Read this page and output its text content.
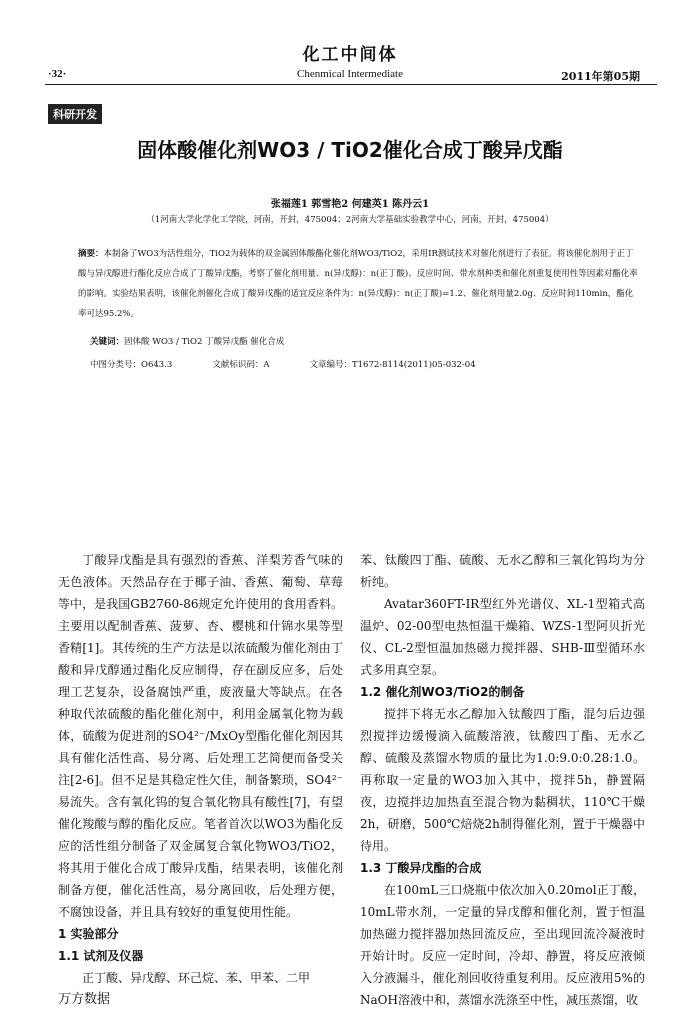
化工中间体
·32·	Chenmical Intermediate	2011年第05期
科研开发
固体酸催化剂WO3 / TiO2催化合成丁酸异戊酯
张福莲1 郭雪艳2 何建英1 陈丹云1
（1河南大学化学化工学院，河南，开封，475004；2河南大学基础实验教学中心，河南，开封，475004）
摘要：本制备了WO3为活性组分，TiO2为载体的双金属固体酸酯化催化剂WO3/TiO2，采用IR测试技术对催化剂进行了表征。将该催化剂用于正丁酸与异戊醇进行酯化反应合成了丁酸异戊酯，考察了催化剂用量、n(异戊醇)：n(正丁酸)、反应时间、带水剂种类和催化剂重复使用性等因素对酯化率的影响。实验结果表明，该催化剂催化合成丁酸异戊酯的适宜反应条件为：n(异戊醇)：n(正丁酸)=1.2、催化剂用量2.0g、反应时间110min，酯化率可达95.2%。
关键词：固体酸 WO3 / TiO2 丁酸异戊酯 催化合成
中图分类号：O643.3	文献标识码：A	文章编号：T1672-8114(2011)05-032-04

丁酸异戊酯是具有强烈的香蕉、洋梨芳香气味的无色液体。天然品存在于椰子油、香蕉、葡萄、草莓等中，是我国GB2760-86规定允许使用的食用香料。主要用以配制香蕉、菠萝、杏、樱桃和什锦水果等型香精[1]。其传统的生产方法是以浓硫酸为催化剂由丁酸和异戊醇通过酯化反应制得，存在副反应多，后处理工艺复杂，设备腐蚀严重，废液量大等缺点。在各种取代浓硫酸的酯化催化剂中，利用金属氧化物为载体，硫酸为促进剂的SO4²⁻/MxOy型酯化催化剂因其具有催化活性高、易分离、后处理工艺简便而备受关注[2-6]。但不足是其稳定性欠佳，制备繁琐，SO4²⁻易流失。含有氧化钨的复合氧化物具有酸性[7]，有望催化羧酸与醇的酯化反应。笔者首次以WO3为酯化反应的活性组分制备了双金属复合氧化物WO3/TiO2，将其用于催化合成丁酸异戊酯，结果表明，该催化剂制备方便，催化活性高，易分离回收，后处理方便，不腐蚀设备，并且具有较好的重复使用性能。

1 实验部分
1.1 试剂及仪器

正丁酸、异戊醇、环己烷、苯、甲苯、二甲

苯、钛酸四丁酯、硫酸、无水乙醇和三氧化钨均为分析纯。

Avatar360FT-IR型红外光谱仪、XL-1型箱式高温炉、02-00型电热恒温干燥箱、WZS-1型阿贝折光仪、CL-2型恒温加热磁力搅拌器、SHB-Ⅲ型循环水式多用真空泵。

1.2 催化剂WO3/TiO2的制备

搅拌下将无水乙醇加入钛酸四丁酯，混匀后边强烈搅拌边缓慢滴入硫酸溶液，钛酸四丁酯、无水乙醇、硫酸及蒸馏水物质的量比为1.0:9.0:0.28:1.0。再称取一定量的WO3加入其中，搅拌5h，静置隔夜，边搅拌边加热直至混合物为黏稠状，110℃干燥2h，研磨，500℃焙烧2h制得催化剂，置于干燥器中待用。

1.3 丁酸异戊酯的合成

在100mL三口烧瓶中依次加入0.20mol正丁酸，10mL带水剂，一定量的异戊醇和催化剂，置于恒温加热磁力搅拌器加热回流反应，至出现回流冷凝液时开始计时。反应一定时间，冷却、静置，将反应液倾入分液漏斗，催化剂回收待重复利用。反应液用5%的NaOH溶液中和，蒸馏水洗涤至中性，减压蒸馏，收

万方数据
